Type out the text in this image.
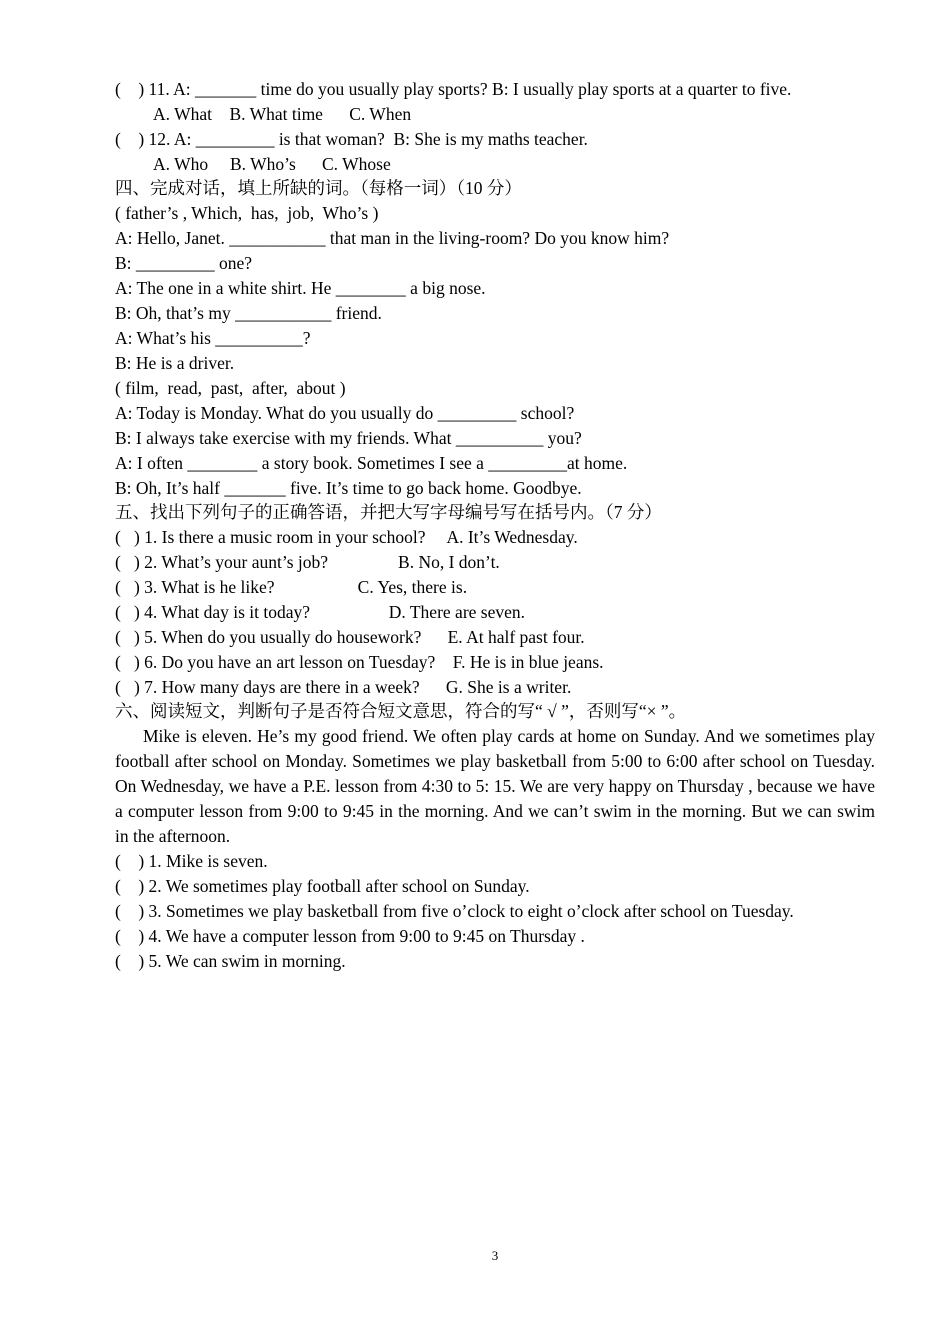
(    ) 11. A: _______ time do you usually play sports? B: I usually play sports at a quarter to five.
A. What    B. What time      C. When
(    ) 12. A: _________ is that woman?  B: She is my maths teacher.
A. Who     B. Who’s      C. Whose
四、完成对话，填上所缺的词。（每格一词）（10 分）
( father’s , Which,  has,  job,  Who’s )
A: Hello, Janet. ___________ that man in the living-room? Do you know him?
B: _________ one?
A: The one in a white shirt. He ________ a big nose.
B: Oh, that’s my ___________ friend.
A: What’s his __________?
B: He is a driver.
( film,  read,  past,  after,  about )
A: Today is Monday. What do you usually do _________ school?
B: I always take exercise with my friends. What __________ you?
A: I often ________ a story book. Sometimes I see a _________at home.
B: Oh, It’s half _______ five. It’s time to go back home. Goodbye.
五、找出下列句子的正确答语，并把大写字母编号写在括号内。（7 分）
(   ) 1. Is there a music room in your school?     A. It’s Wednesday.
(   ) 2. What’s your aunt’s job?                B. No, I don’t.
(   ) 3. What is he like?                   C. Yes, there is.
(   ) 4. What day is it today?                  D. There are seven.
(   ) 5. When do you usually do housework?      E. At half past four.
(   ) 6. Do you have an art lesson on Tuesday?    F. He is in blue jeans.
(   ) 7. How many days are there in a week?      G. She is a writer.
六、阅读短文，判断句子是否符合短文意思，符合的写“ √ ”，否则写“× ”。
Mike is eleven. He’s my good friend. We often play cards at home on Sunday. And we sometimes play football after school on Monday. Sometimes we play basketball from 5:00 to 6:00 after school on Tuesday. On Wednesday, we have a P.E. lesson from 4:30 to 5: 15. We are very happy on Thursday , because we have a computer lesson from 9:00 to 9:45 in the morning. And we can’t swim in the morning. But we can swim in the afternoon.
(    ) 1. Mike is seven.
(    ) 2. We sometimes play football after school on Sunday.
(    ) 3. Sometimes we play basketball from five o’clock to eight o’clock after school on Tuesday.
(    ) 4. We have a computer lesson from 9:00 to 9:45 on Thursday .
(    ) 5. We can swim in morning.
3
